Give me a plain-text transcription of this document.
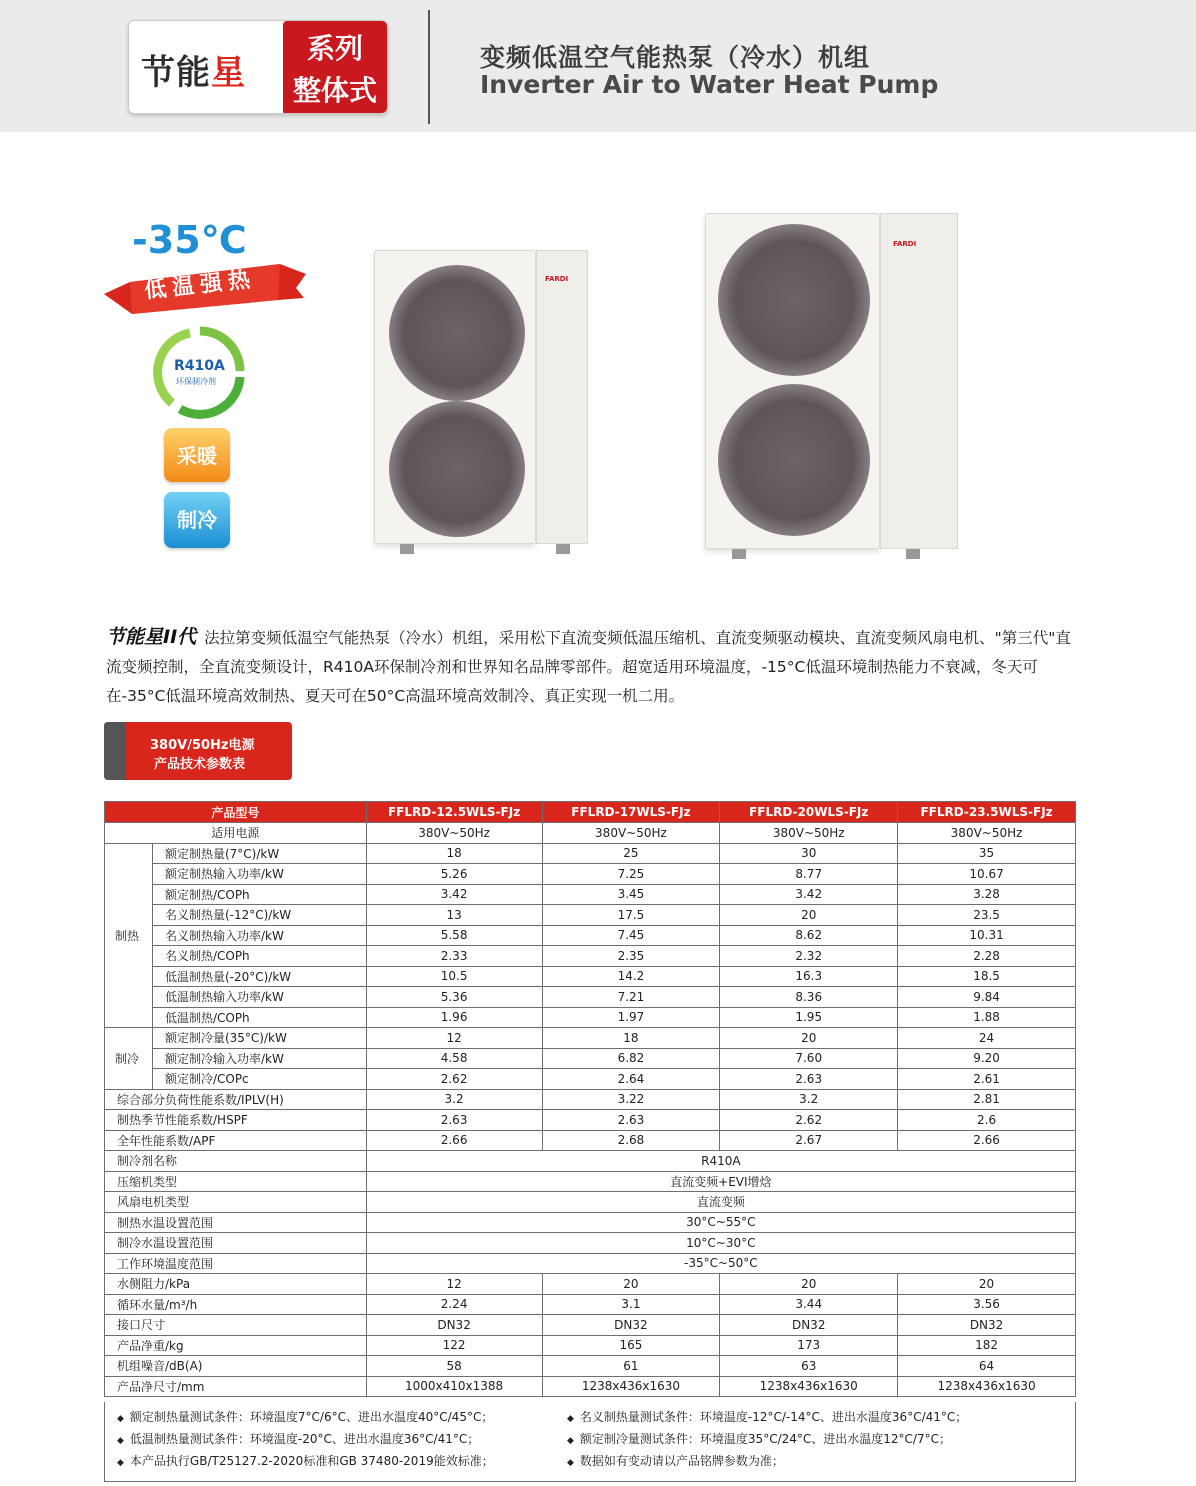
节能星
系列
整体式
变频低温空气能热泵（冷水）机组
Inverter Air to Water Heat Pump
-35℃
低温强热
R410A
环保制冷剂
采暖
制冷
FARDI
FARDI
节能星II代 法拉第变频低温空气能热泵（冷水）机组，采用松下直流变频低温压缩机、直流变频驱动模块、直流变频风扇电机、"第三代"直流变频控制，全直流变频设计，R410A环保制冷剂和世界知名品牌零部件。超宽适用环境温度，-15°C低温环境制热能力不衰减，冬天可在-35°C低温环境高效制热、夏天可在50°C高温环境高效制冷、真正实现一机二用。
380V/50Hz电源
产品技术参数表
产品型号		FFLRD-12.5WLS-FJz	FFLRD-17WLS-FJz	FFLRD-20WLS-FJz	FFLRD-23.5WLS-FJz
适用电源		380V~50Hz	380V~50Hz	380V~50Hz	380V~50Hz
制热	额定制热量(7°C)/kW	18	25	30	35
	额定制热输入功率/kW	5.26	7.25	8.77	10.67
	额定制热/COPh	3.42	3.45	3.42	3.28
	名义制热量(-12°C)/kW	13	17.5	20	23.5
	名义制热输入功率/kW	5.58	7.45	8.62	10.31
	名义制热/COPh	2.33	2.35	2.32	2.28
	低温制热量(-20°C)/kW	10.5	14.2	16.3	18.5
	低温制热输入功率/kW	5.36	7.21	8.36	9.84
	低温制热/COPh	1.96	1.97	1.95	1.88
制冷	额定制冷量(35°C)/kW	12	18	20	24
	额定制冷输入功率/kW	4.58	6.82	7.60	9.20
	额定制冷/COPc	2.62	2.64	2.63	2.61
综合部分负荷性能系数/IPLV(H)		3.2	3.22	3.2	2.81
制热季节性能系数/HSPF		2.63	2.63	2.62	2.6
全年性能系数/APF		2.66	2.68	2.67	2.66
制冷剂名称		R410A			
压缩机类型		直流变频+EVI增焓			
风扇电机类型		直流变频			
制热水温设置范围		30°C~55°C			
制冷水温设置范围		10°C~30°C			
工作环境温度范围		-35°C~50°C			
水侧阻力/kPa		12	20	20	20
循环水量/m³/h		2.24	3.1	3.44	3.56
接口尺寸		DN32	DN32	DN32	DN32
产品净重/kg		122	165	173	182
机组噪音/dB(A)		58	61	63	64
产品净尺寸/mm		1000x410x1388	1238x436x1630	1238x436x1630	1238x436x1630
◆ 额定制热量测试条件：环境温度7°C/6°C、进出水温度40°C/45°C；	◆ 名义制热量测试条件：环境温度-12°C/-14°C、进出水温度36°C/41°C；
◆ 低温制热量测试条件：环境温度-20°C、进出水温度36°C/41°C；	◆ 额定制冷量测试条件：环境温度35°C/24°C、进出水温度12°C/7°C；
◆ 本产品执行GB/T25127.2-2020标准和GB 37480-2019能效标准；	◆ 数据如有变动请以产品铭牌参数为准；
